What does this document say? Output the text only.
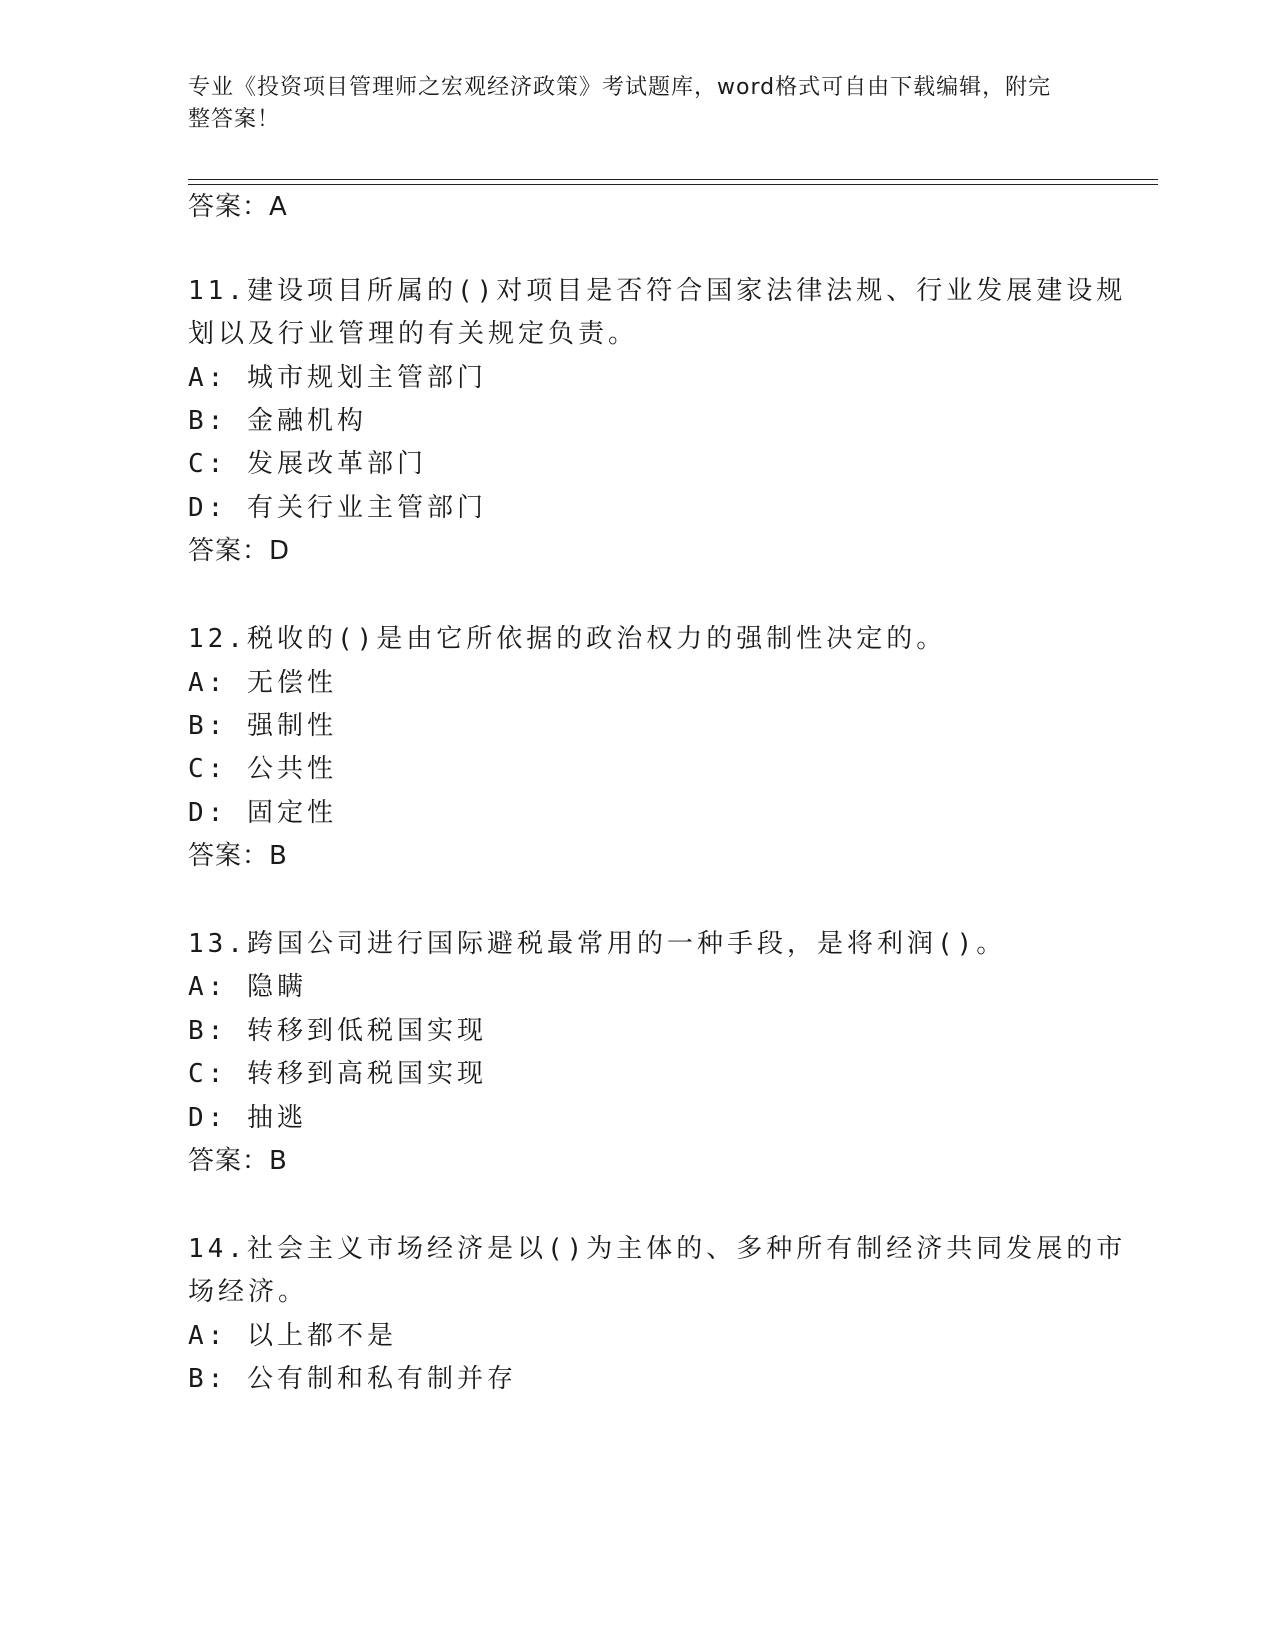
专业《投资项目管理师之宏观经济政策》考试题库，word格式可自由下载编辑，附完整答案！
答案：A
11.建设项目所属的()对项目是否符合国家法律法规、行业发展建设规
划以及行业管理的有关规定负责。
A: 城市规划主管部门
B: 金融机构
C: 发展改革部门
D: 有关行业主管部门
答案：D
12.税收的()是由它所依据的政治权力的强制性决定的。
A: 无偿性
B: 强制性
C: 公共性
D: 固定性
答案：B
13.跨国公司进行国际避税最常用的一种手段，是将利润()。
A: 隐瞒
B: 转移到低税国实现
C: 转移到高税国实现
D: 抽逃
答案：B
14.社会主义市场经济是以()为主体的、多种所有制经济共同发展的市
场经济。
A: 以上都不是
B: 公有制和私有制并存
